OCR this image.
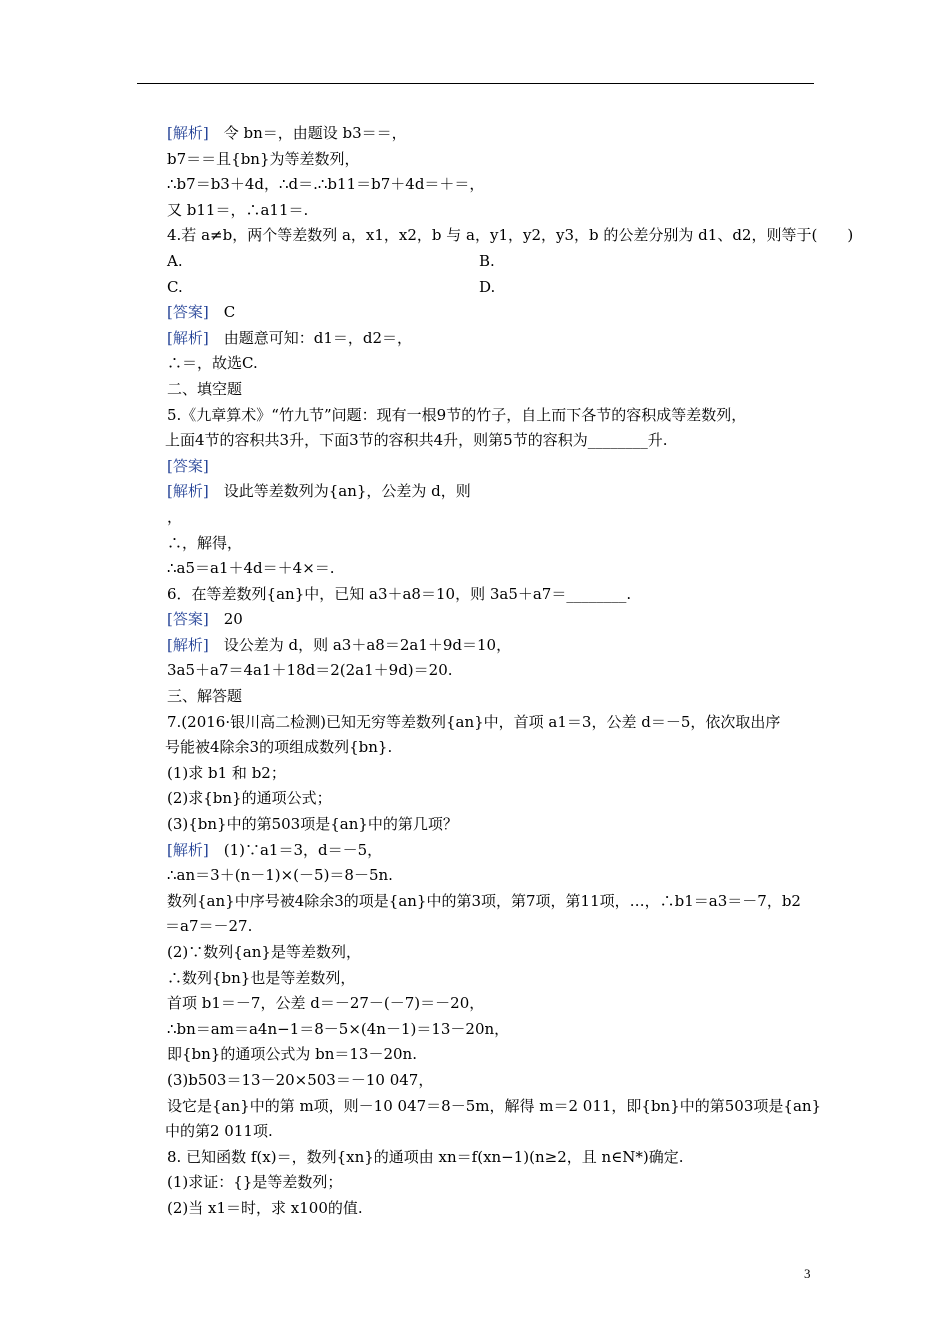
[解析]　令 bn＝，由题设 b3＝＝，
b7＝＝且{bn}为等差数列，
∴b7＝b3＋4d，∴d＝.∴b11＝b7＋4d＝＋＝，
又 b11＝，∴a11＝.
4.若 a≠b，两个等差数列 a，x1，x2，b 与 a，y1，y2，y3，b 的公差分别为 d1、d2，则等于(　　)
A.	B.
C.	D.
[答案]　C
[解析]　由题意可知：d1＝，d2＝，
∴＝，故选C.
二、填空题
5.《九章算术》“竹九节”问题：现有一根9节的竹子，自上而下各节的容积成等差数列，
上面4节的容积共3升，下面3节的容积共4升，则第5节的容积为________升.
[答案]
[解析]　设此等差数列为{an}，公差为 d，则
，
∴，解得，
∴a5＝a1＋4d＝＋4×＝.
6．在等差数列{an}中，已知 a3＋a8＝10，则 3a5＋a7＝________.
[答案]　20
[解析]　设公差为 d，则 a3＋a8＝2a1＋9d＝10，
3a5＋a7＝4a1＋18d＝2(2a1＋9d)＝20.
三、解答题
7.(2016·银川高二检测)已知无穷等差数列{an}中，首项 a1＝3，公差 d＝－5，依次取出序
号能被4除余3的项组成数列{bn}.
(1)求 b1 和 b2；
(2)求{bn}的通项公式；
(3){bn}中的第503项是{an}中的第几项？
[解析]　(1)∵a1＝3，d＝－5，
∴an＝3＋(n－1)×(－5)＝8－5n.
数列{an}中序号被4除余3的项是{an}中的第3项，第7项，第11项，…，∴b1＝a3＝－7，b2
＝a7＝－27.
(2)∵数列{an}是等差数列，
∴数列{bn}也是等差数列，
首项 b1＝－7，公差 d＝－27－(－7)＝－20，
∴bn＝am＝a4n−1＝8－5×(4n－1)＝13－20n，
即{bn}的通项公式为 bn＝13－20n.
(3)b503＝13－20×503＝－10 047，
设它是{an}中的第 m项，则－10 047＝8－5m，解得 m＝2 011，即{bn}中的第503项是{an}
中的第2 011项.
8. 已知函数 f(x)＝，数列{xn}的通项由 xn＝f(xn−1)(n≥2，且 n∈N*)确定.
(1)求证：{}是等差数列；
(2)当 x1＝时，求 x100的值.
3
